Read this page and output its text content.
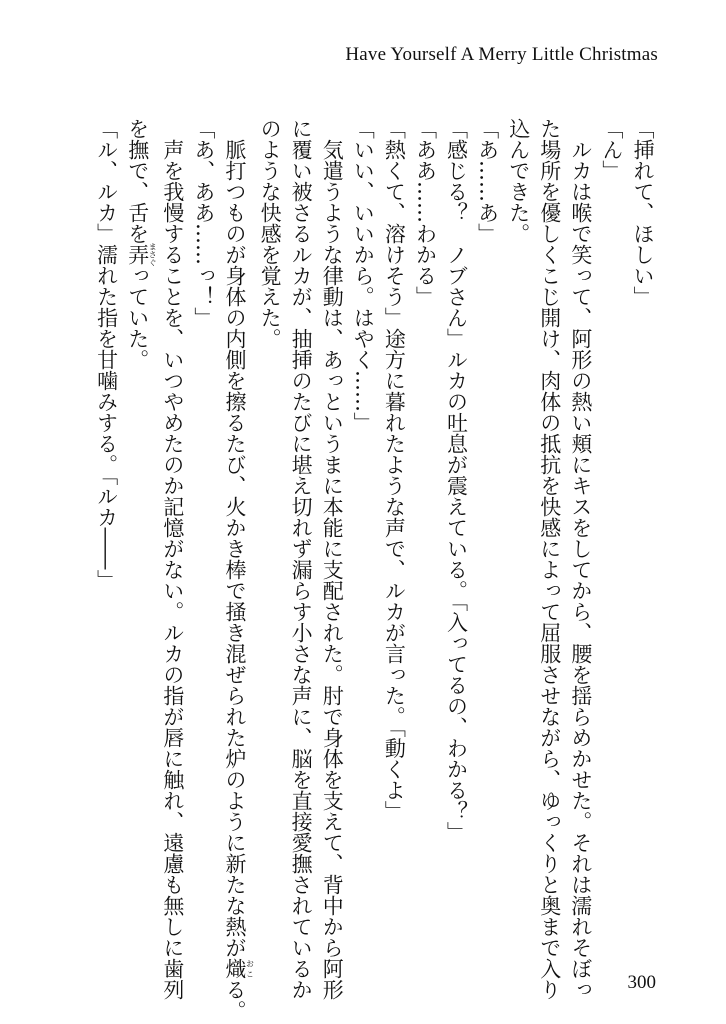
Have Yourself A Merry Little Christmas
「挿れて、ほしい」
「ん」
　ルカは喉で笑って、阿形の熱い頬にキスをしてから、腰を揺らめかせた。それは濡れそぼっ
た場所を優しくこじ開け、肉体の抵抗を快感によって屈服させながら、ゆっくりと奥まで入り
込んできた。
「あ……あ」
「感じる？　ノブさん」ルカの吐息が震えている。「入ってるの、わかる？」
「ああ……わかる」
「熱くて、溶けそう」途方に暮れたような声で、ルカが言った。「動くよ」
「いい、いいから。はやく……」
　気遣うような律動は、あっというまに本能に支配された。肘で身体を支えて、背中から阿形
に覆い被さるルカが、抽挿のたびに堪え切れず漏らす小さな声に、脳を直接愛撫されているか
のような快感を覚えた。
　脈打つものが身体の内側を擦るたび、火かき棒で掻き混ぜられた炉のように新たな熱が熾おこる。
「あ、ああ……っ！」
　声を我慢することを、いつやめたのか記憶がない。ルカの指が唇に触れ、遠慮も無しに歯列
を撫で、舌を弄まさぐっていた。
「ル、ルカ」濡れた指を甘噛みする。「ルカ――」
300
